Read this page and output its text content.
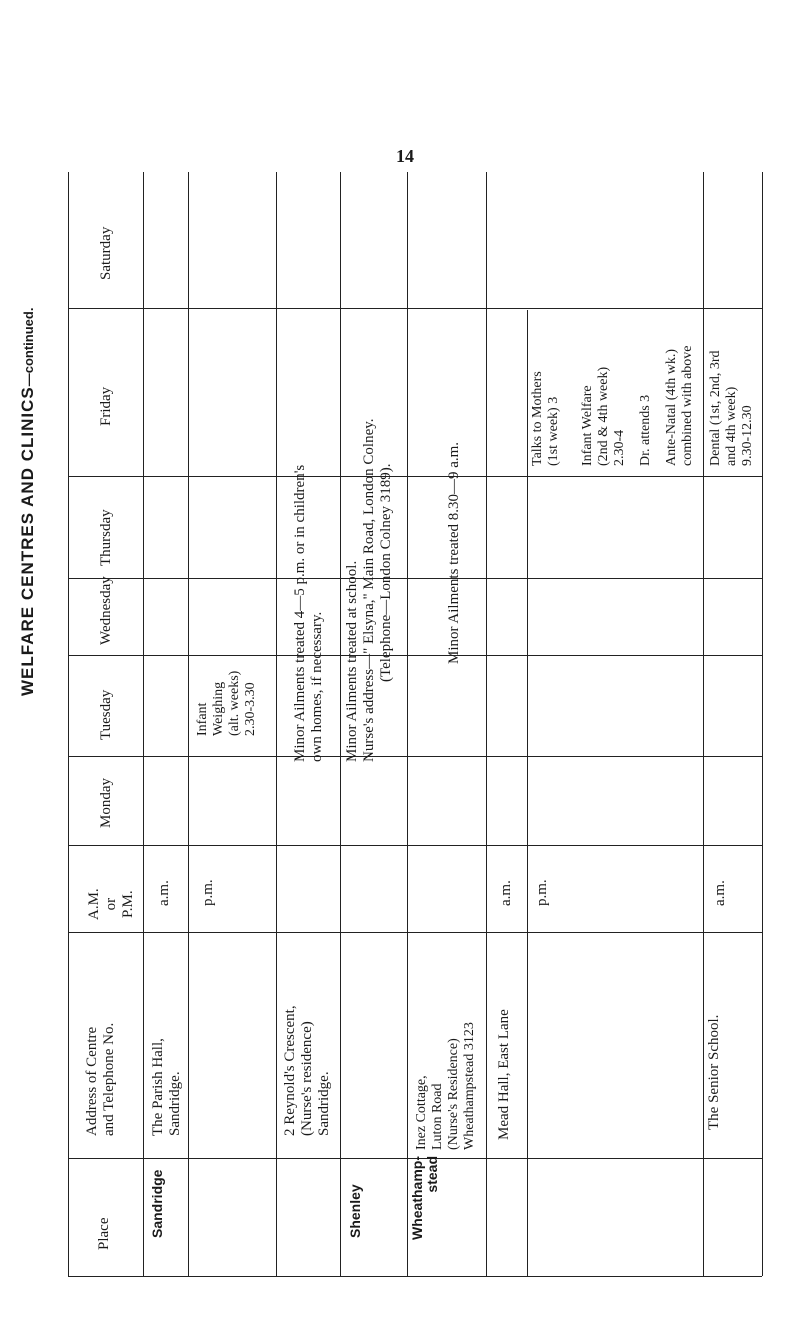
14
WELFARE CENTRES AND CLINICS—continued.
Place
Address of Centre and Telephone No.
A.M. or P.M.
Monday
Tuesday
Wednesday
Thursday
Friday
Saturday
Sandridge
The Parish Hall, Sandridge.
a.m. p.m.
Infant Weighing (alt. weeks) 2.30-3.30
2 Reynold's Crescent, (Nurse's residence) Sandridge.
Minor Ailments treated 4—5 p.m. or in children's own homes, if necessary.
Shenley
Minor Ailments treated at school. Nurse's address—" Elsyna," Main Road, London Colney. (Telephone—London Colney 3189).
Wheathamp- stead
Inez Cottage, Luton Road (Nurse's Residence) Wheathampstead 3123
Minor Ailments treated 8.30—9 a.m.
Mead Hall, East Lane
a.m. p.m.
Talks to Mothers (1st week) 3 Infant Welfare (2nd & 4th week) 2.30-4 Dr. attends 3 Ante-Natal (4th wk.) combined with above
The Senior School.
a.m.
Dental (1st, 2nd, 3rd and 4th week) 9.30-12.30
